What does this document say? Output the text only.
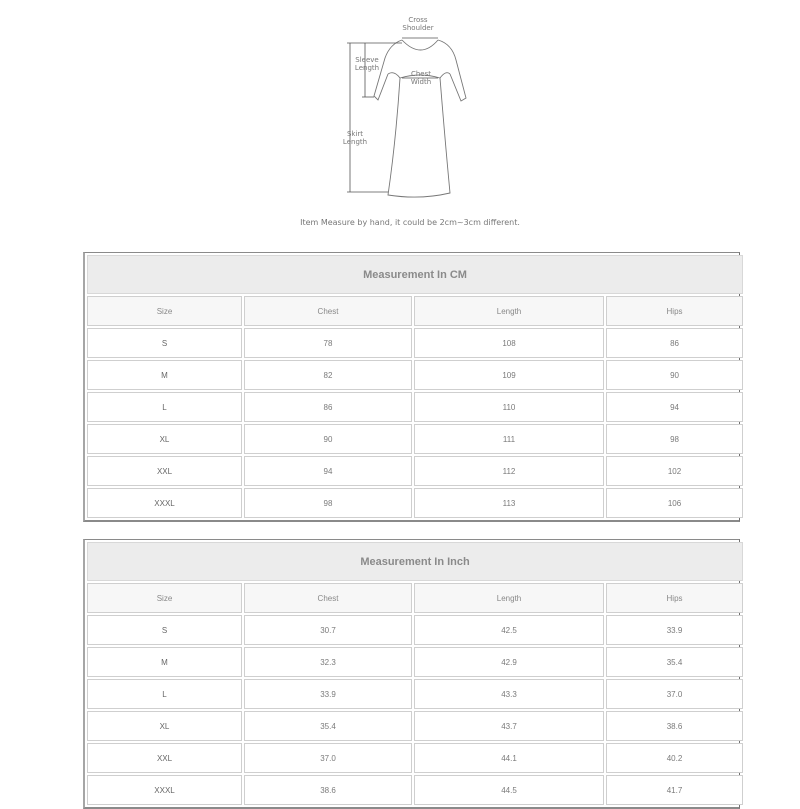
Cross Shoulder
Sleeve Length
Chest Width
Skirt Length
Item Measure by hand, it could be 2cm~3cm different.
Measurement In CM			
Size	Chest	Length	Hips
S	78	108	86
M	82	109	90
L	86	110	94
XL	90	111	98
XXL	94	112	102
XXXL	98	113	106
Measurement In Inch			
Size	Chest	Length	Hips
S	30.7	42.5	33.9
M	32.3	42.9	35.4
L	33.9	43.3	37.0
XL	35.4	43.7	38.6
XXL	37.0	44.1	40.2
XXXL	38.6	44.5	41.7
